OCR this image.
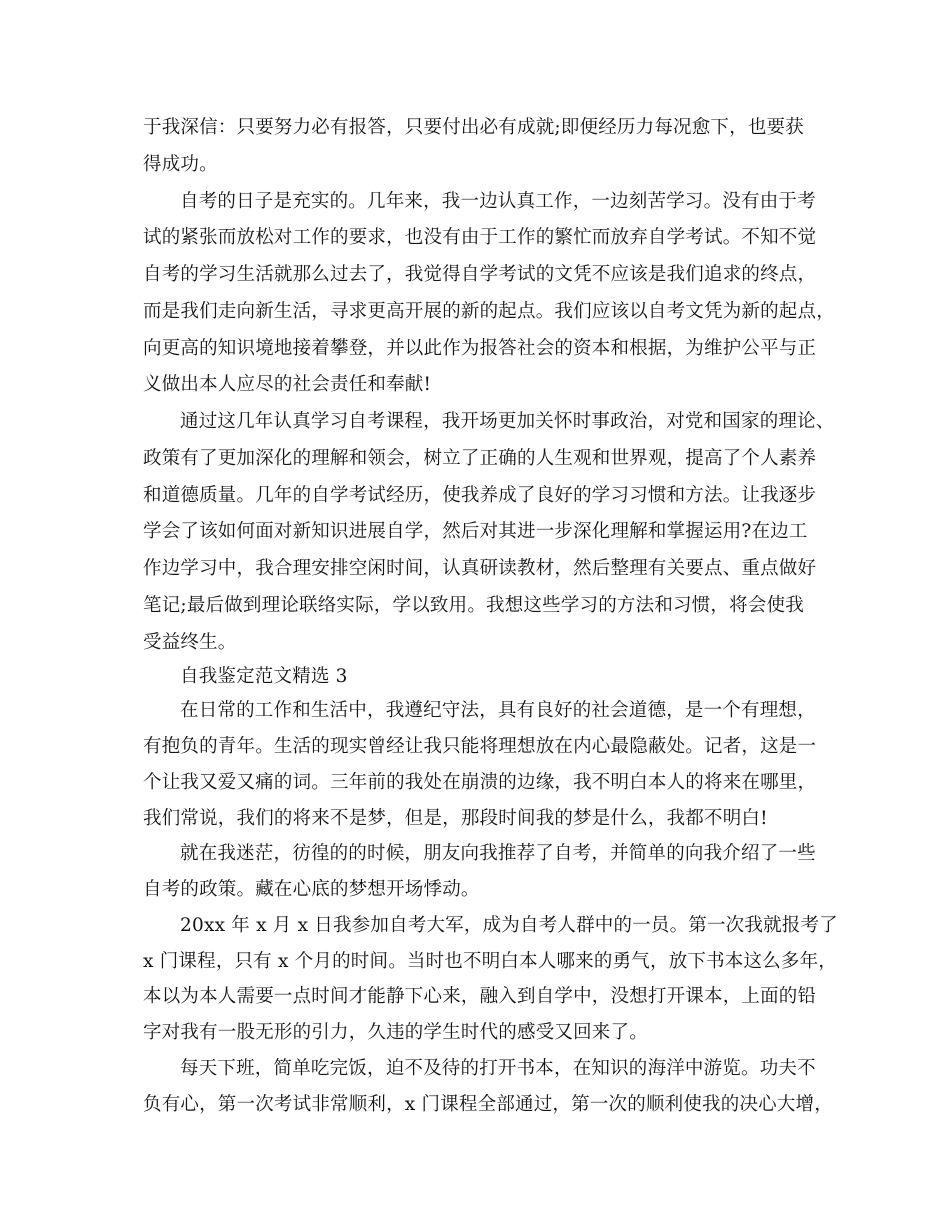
于我深信：只要努力必有报答，只要付出必有成就;即便经历力每况愈下，也要获
得成功。
自考的日子是充实的。几年来，我一边认真工作，一边刻苦学习。没有由于考
试的紧张而放松对工作的要求，也没有由于工作的繁忙而放弃自学考试。不知不觉
自考的学习生活就那么过去了，我觉得自学考试的文凭不应该是我们追求的终点，
而是我们走向新生活，寻求更高开展的新的起点。我们应该以自考文凭为新的起点，
向更高的知识境地接着攀登，并以此作为报答社会的资本和根据，为维护公平与正
义做出本人应尽的社会责任和奉献!
通过这几年认真学习自考课程，我开场更加关怀时事政治，对党和国家的理论、
政策有了更加深化的理解和领会，树立了正确的人生观和世界观，提高了个人素养
和道德质量。几年的自学考试经历，使我养成了良好的学习习惯和方法。让我逐步
学会了该如何面对新知识进展自学，然后对其进一步深化理解和掌握运用?在边工
作边学习中，我合理安排空闲时间，认真研读教材，然后整理有关要点、重点做好
笔记;最后做到理论联络实际，学以致用。我想这些学习的方法和习惯，将会使我
受益终生。
自我鉴定范文精选 3
在日常的工作和生活中，我遵纪守法，具有良好的社会道德，是一个有理想，
有抱负的青年。生活的现实曾经让我只能将理想放在内心最隐蔽处。记者，这是一
个让我又爱又痛的词。三年前的我处在崩溃的边缘，我不明白本人的将来在哪里，
我们常说，我们的将来不是梦，但是，那段时间我的梦是什么，我都不明白!
就在我迷茫，彷徨的的时候，朋友向我推荐了自考，并简单的向我介绍了一些
自考的政策。藏在心底的梦想开场悸动。
20xx 年 x 月 x 日我参加自考大军，成为自考人群中的一员。第一次我就报考了
x 门课程，只有 x 个月的时间。当时也不明白本人哪来的勇气，放下书本这么多年，
本以为本人需要一点时间才能静下心来，融入到自学中，没想打开课本，上面的铅
字对我有一股无形的引力，久违的学生时代的感受又回来了。
每天下班，简单吃完饭，迫不及待的打开书本，在知识的海洋中游览。功夫不
负有心，第一次考试非常顺利，x 门课程全部通过，第一次的顺利使我的决心大增，
